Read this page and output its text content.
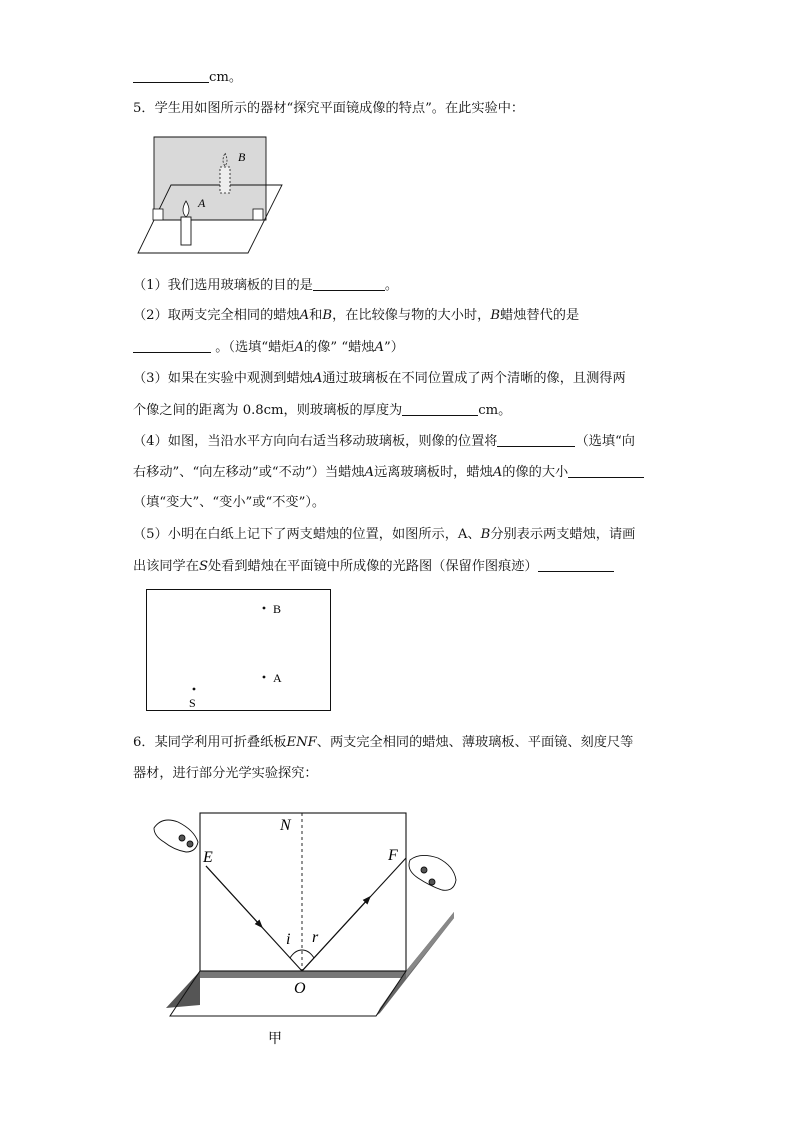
cm。
5．学生用如图所示的器材“探究平面镜成像的特点”。在此实验中：
B
A
（1）我们选用玻璃板的目的是	。
（2）取两支完全相同的蜡烛A和B，在比较像与物的大小时，B蜡烛替代的是
。（选填“蜡炬A的像” “蜡烛A”）
（3）如果在实验中观测到蜡烛A通过玻璃板在不同位置成了两个清晰的像，且测得两
个像之间的距离为 0.8cm，则玻璃板的厚度为	cm。
（4）如图，当沿水平方向向右适当移动玻璃板，则像的位置将	（选填“向
右移动”、“向左移动”或“不动”）当蜡烛A远离玻璃板时，蜡烛A的像的大小
（填“变大”、“变小”或“不变”）。
（5）小明在白纸上记下了两支蜡烛的位置，如图所示，A、B分别表示两支蜡烛，请画
出该同学在S处看到蜡烛在平面镜中所成像的光路图（保留作图痕迹）
B
A
S
6．某同学利用可折叠纸板ENF、两支完全相同的蜡烛、薄玻璃板、平面镜、刻度尺等
器材，进行部分光学实验探究：
N
E	F
i r
O
甲
